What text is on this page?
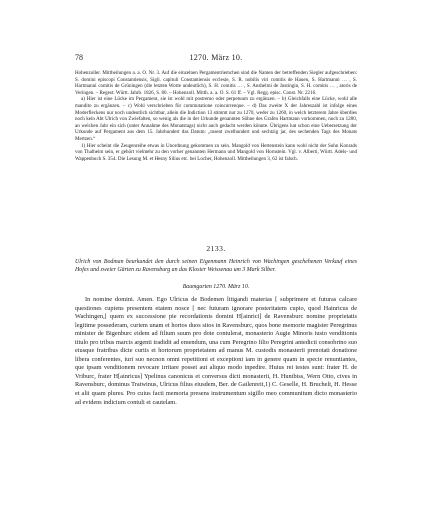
78	1270. März 10.

Hohenzoller. Mittheilungen a. a. O. Nr. 3. Auf die einzelnen Pergamentriemchen sind die Namen der betreffenden Siegler aufgeschrieben: S. domini episcopi Constantiensis, Sigil. capituli Constantiensis ecclesie, S. R. nobilis viri comitis de Hauen, S. Hartmanni … , S. Hartmanni comitis de Grüningen (die letzten Worte undeutlich), S. H. comitis … , S. Anshelmi de Justingin, S. H. comitis … , atoris de Veringen. – Regest: Württ. Jahrb. 1826, S. 80. – Hohenzoll. Mitth. a. a. O. S. 61 ff. – Vgl. Regg. episc. Const. Nr. 2216.

a) Hier ist eine Lücke im Pergament, sie ist wohl mit postremo oder perpetuum zu ergänzen. – b) Gleichfalls eine Lücke, wohl alle mandito zu ergänzen. – c) Wohl verschrieben für commutatione coincurrenque. – d) Das zweite X der Jahreszahl ist infolge eines Moderfleckens nur noch undeutlich sichtbar, allein die Indiction 13 stimmt nur zu 1270, weder zu 1260, in welch letzterem Jahre überdies noch kein Abt Ulrich von Zwiefalten, so wenig als die in der Urkunde genannten Söhne des Grafen Hartmann vorkommen, noch zu 1280, an welchen Jahr ein sich (unter Annahme des Monatstags) nicht auch gedacht werden könnte. Übrigens hat schon eine Uebersetzung der Urkunde auf Pergament aus dem 15. Jahrhundert das Datum: „tusent zwelhundert und sechtzig jar, des sechenden Tags des Monats Mertzen.“

1) Hier scheint die Zeugenreihe etwas in Unordnung gekommen zu sein. Mangold von Hertenstein kann wohl nicht der Sohn Konrads von Thalheim sein, er gehört vielmehr zu den vorher genannten Hermann und Mangold von Hornstein. Vgl. v. Alberti, Württ. Adels- und Wappenbuch S. 354. Die Lesung M. et Hesny Silius etc. bei Locher, Hohenzoll. Mittheilungen 3, 62 ist falsch.

2133.

Ulrich von Bodman beurkundet den durch seinen Eigenmann Heinrich von Wachingen geschehenen Verkauf eines Hofes und zweier Gärten zu Ravensburg an das Kloster Weissenau um 3 Mark Silber.

Baumgarten 1270. März 10.

In nomine domini. Amen. Ego Ulricus de Bodemen litigandi materias [ subprimere et futuras calcare questiones cupiens presentem etatem nosce [ nec futuram ignorare posteritatem cupio, quod Hainricus de Wachingen,[ quem ex successione pie recordationis domini H[ainrici] de Ravensburc nomine proprietatis legitime possederam, curiem unam et hortos duos sitos in Ravensburc, quos bone memorie magister Peregrinus minister de Bigenburc eidem ad filium suum pro dote contulerat, monasterio Augie Minoris iusto venditionis titulo pro tribus marcis argenti tradidit ad emendum, una cum Peregrino filio Peregrini antedicti consobrino suo eiusque fratribus dicte curiis et hortorum proprietatem ad manus M. custodis monasterii prenotati donatione libera conferentes, iuri suo necnon omni repetitioni et exceptioni iam in genere quam in specie renuntiantes, que ipsam venditionem revocare irritare posset aut aliquo modo inpedire. Huius rei testes sunt: frater H. de Vriburc, frater H[ainricus] Ypelinus canonicus et conversus dicti monasterii, H. Huntbiss, Wern Otto, cives in Ravensburc, dominus Tratwinus, Ulricus filius eiusdem, Ber. de Gailenreit,1) C. Geselle, H. Bruchelt, H. Hesse et alii quam plures. Pro cuius facti memoria presens instrumentum sigillo meo communitum dicto monasterio ad evidens indicium contuli et cautelam.
